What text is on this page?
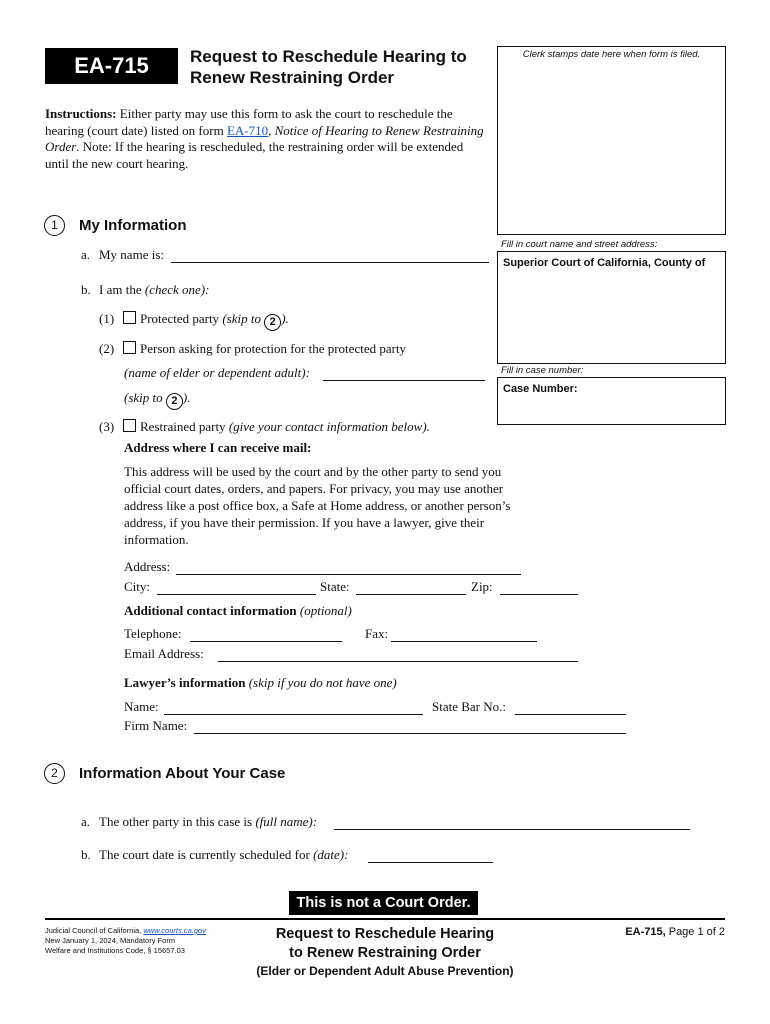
EA-715	Request to Reschedule Hearing to
Renew Restraining Order
Instructions: Either party may use this form to ask the court to reschedule the hearing (court date) listed on form EA-710, Notice of Hearing to Renew Restraining Order. Note: If the hearing is rescheduled, the restraining order will be extended until the new court hearing.
Clerk stamps date here when form is filed.
Fill in court name and street address:
Superior Court of California, County of
Fill in case number:
Case Number:
1	My Information
a. My name is:
b. I am the (check one):
(1)	Protected party (skip to 2 ).
(2)	Person asking for protection for the protected party
(name of elder or dependent adult):
(skip to 2 ).
(3)	Restrained party (give your contact information below).
Address where I can receive mail:
This address will be used by the court and by the other party to send you official court dates, orders, and papers. For privacy, you may use another address like a post office box, a Safe at Home address, or another person’s address, if you have their permission. If you have a lawyer, give their information.
Address:
City:	State:	Zip:
Additional contact information (optional)
Telephone:	Fax:
Email Address:
Lawyer’s information (skip if you do not have one)
Name:	State Bar No.:
Firm Name:
2	Information About Your Case
a. The other party in this case is (full name):
b. The court date is currently scheduled for (date):
This is not a Court Order.
Judicial Council of California, www.courts.ca.gov
New January 1, 2024, Mandatory Form
Welfare and Institutions Code, § 15657.03
Request to Reschedule Hearing
to Renew Restraining Order
(Elder or Dependent Adult Abuse Prevention)
EA-715, Page 1 of 2
